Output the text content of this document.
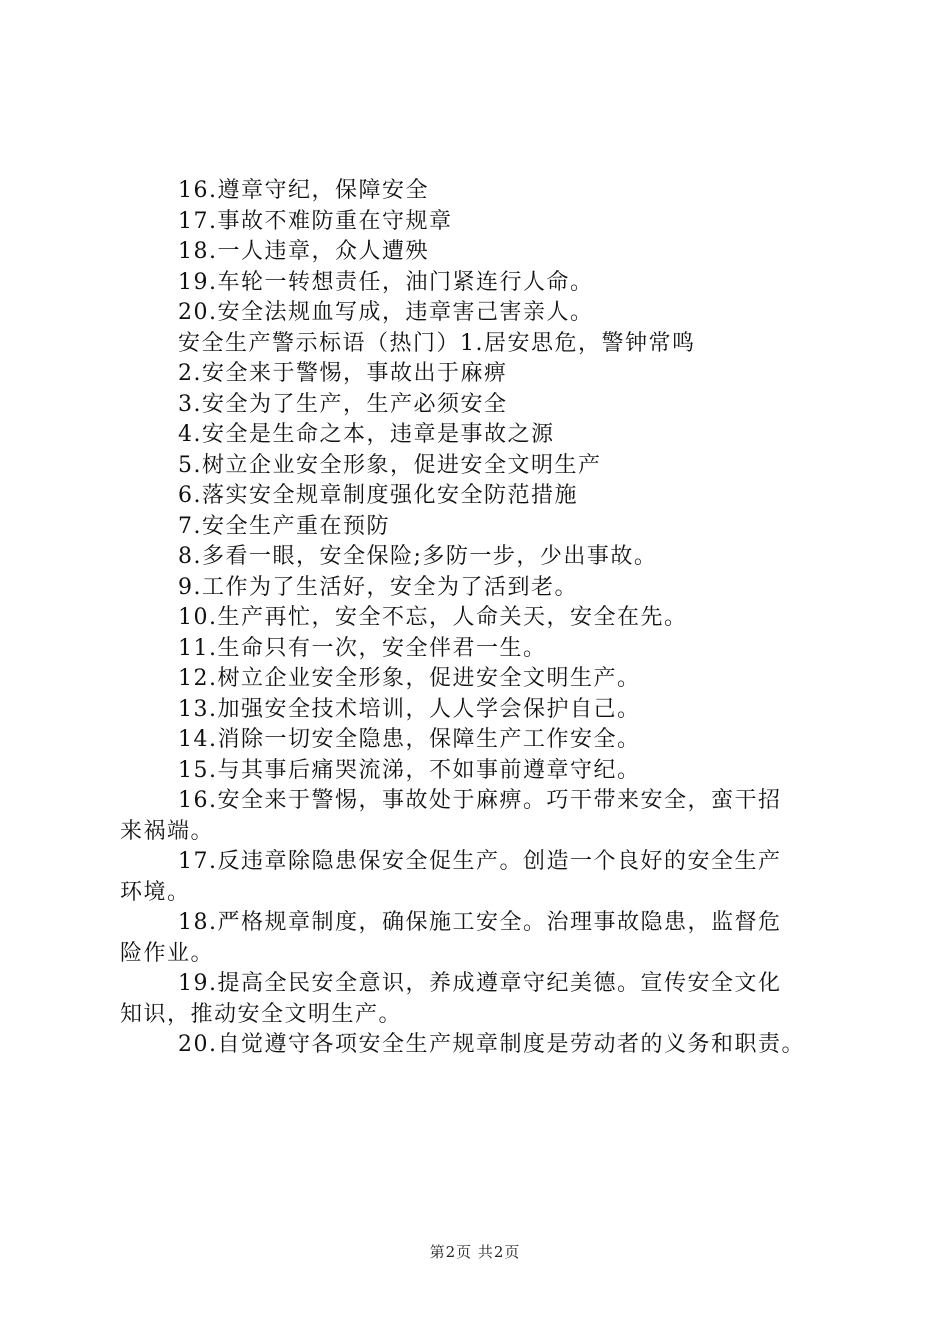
16.遵章守纪，保障安全
17.事故不难防重在守规章
18.一人违章，众人遭殃
19.车轮一转想责任，油门紧连行人命。
20.安全法规血写成，违章害己害亲人。
安全生产警示标语（热门）1.居安思危，警钟常鸣
2.安全来于警惕，事故出于麻痹
3.安全为了生产，生产必须安全
4.安全是生命之本，违章是事故之源
5.树立企业安全形象，促进安全文明生产
6.落实安全规章制度强化安全防范措施
7.安全生产重在预防
8.多看一眼，安全保险;多防一步，少出事故。
9.工作为了生活好，安全为了活到老。
10.生产再忙，安全不忘，人命关天，安全在先。
11.生命只有一次，安全伴君一生。
12.树立企业安全形象，促进安全文明生产。
13.加强安全技术培训，人人学会保护自己。
14.消除一切安全隐患，保障生产工作安全。
15.与其事后痛哭流涕，不如事前遵章守纪。
16.安全来于警惕，事故处于麻痹。巧干带来安全，蛮干招
来祸端。
17.反违章除隐患保安全促生产。创造一个良好的安全生产
环境。
18.严格规章制度，确保施工安全。治理事故隐患，监督危
险作业。
19.提高全民安全意识，养成遵章守纪美德。宣传安全文化
知识，推动安全文明生产。
20.自觉遵守各项安全生产规章制度是劳动者的义务和职责。
第2页 共2页
